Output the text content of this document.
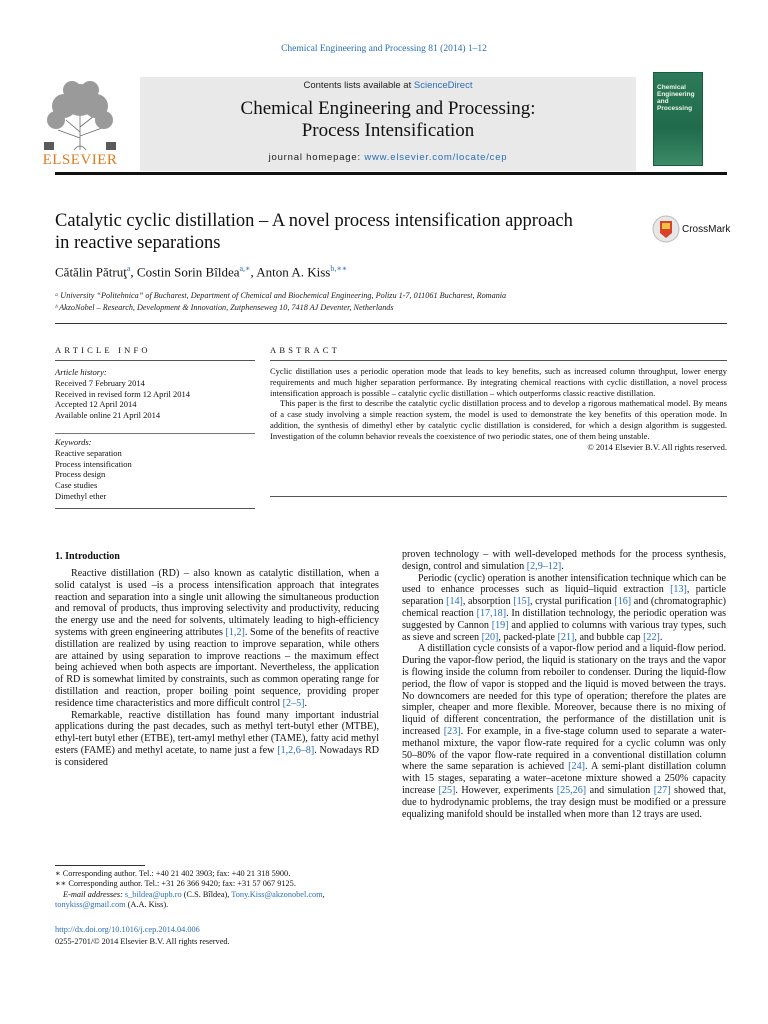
Chemical Engineering and Processing 81 (2014) 1–12
ELSEVIER
Contents lists available at ScienceDirect
Chemical Engineering and Processing:
Process Intensification
journal homepage: www.elsevier.com/locate/cep
Chemical Engineering and Processing
Catalytic cyclic distillation – A novel process intensification approach
in reactive separations
CrossMark
Cătălin Pătruţ$^a$, Costin Sorin Bîldea$^{a,∗}$, Anton A. Kiss$^{b,∗∗}$
ᵃ University “Politehnica” of Bucharest, Department of Chemical and Biochemical Engineering, Polizu 1-7, 011061 Bucharest, Romania
ᵇ AkzoNobel – Research, Development & Innovation, Zutphenseweg 10, 7418 AJ Deventer, Netherlands
ARTICLE INFO	ABSTRACT
Article history:
Received 7 February 2014
Received in revised form 12 April 2014
Accepted 12 April 2014
Available online 21 April 2014
Keywords:
Reactive separation
Process intensification
Process design
Case studies
Dimethyl ether

Cyclic distillation uses a periodic operation mode that leads to key benefits, such as increased column throughput, lower energy requirements and much higher separation performance. By integrating chemical reactions with cyclic distillation, a novel process intensification approach is possible – catalytic cyclic distillation – which outperforms classic reactive distillation.

This paper is the first to describe the catalytic cyclic distillation process and to develop a rigorous mathematical model. By means of a case study involving a simple reaction system, the model is used to demonstrate the key benefits of this operation mode. In addition, the synthesis of dimethyl ether by catalytic cyclic distillation is considered, for which a design algorithm is suggested. Investigation of the column behavior reveals the coexistence of two periodic states, one of them being unstable.

© 2014 Elsevier B.V. All rights reserved.

1. Introduction

Reactive distillation (RD) – also known as catalytic distillation, when a solid catalyst is used –is a process intensification approach that integrates reaction and separation into a single unit allowing the simultaneous production and removal of products, thus improving selectivity and productivity, reducing the energy use and the need for solvents, ultimately leading to high-efficiency systems with green engineering attributes [1,2]. Some of the benefits of reactive distillation are realized by using reaction to improve separation, while others are attained by using separation to improve reactions – the maximum effect being achieved when both aspects are important. Nevertheless, the application of RD is somewhat limited by constraints, such as common operating range for distillation and reaction, proper boiling point sequence, providing proper residence time characteristics and more difficult control [2–5].

Remarkable, reactive distillation has found many important industrial applications during the past decades, such as methyl tert-butyl ether (MTBE), ethyl-tert butyl ether (ETBE), tert-amyl methyl ether (TAME), fatty acid methyl esters (FAME) and methyl acetate, to name just a few [1,2,6–8]. Nowadays RD is considered

proven technology – with well-developed methods for the process synthesis, design, control and simulation [2,9–12].

Periodic (cyclic) operation is another intensification technique which can be used to enhance processes such as liquid–liquid extraction [13], particle separation [14], absorption [15], crystal purification [16] and (chromatographic) chemical reaction [17,18]. In distillation technology, the periodic operation was suggested by Cannon [19] and applied to columns with various tray types, such as sieve and screen [20], packed-plate [21], and bubble cap [22].

A distillation cycle consists of a vapor-flow period and a liquid-flow period. During the vapor-flow period, the liquid is stationary on the trays and the vapor is flowing inside the column from reboiler to condenser. During the liquid-flow period, the flow of vapor is stopped and the liquid is moved between the trays. No downcomers are needed for this type of operation; therefore the plates are simpler, cheaper and more flexible. Moreover, because there is no mixing of liquid of different concentration, the performance of the distillation unit is increased [23]. For example, in a five-stage column used to separate a water-methanol mixture, the vapor flow-rate required for a cyclic column was only 50–80% of the vapor flow-rate required in a conventional distillation column where the same separation is achieved [24]. A semi-plant distillation column with 15 stages, separating a water–acetone mixture showed a 250% capacity increase [25]. However, experiments [25,26] and simulation [27] showed that, due to hydrodynamic problems, the tray design must be modified or a pressure equalizing manifold should be installed when more than 12 trays are used.

∗ Corresponding author. Tel.: +40 21 402 3903; fax: +40 21 318 5900.

∗∗ Corresponding author. Tel.: +31 26 366 9420; fax: +31 57 067 9125.

E-mail addresses: s_bildea@upb.ro (C.S. Bîldea), Tony.Kiss@akzonobel.com, tonykiss@gmail.com (A.A. Kiss).

http://dx.doi.org/10.1016/j.cep.2014.04.006
0255-2701/© 2014 Elsevier B.V. All rights reserved.
